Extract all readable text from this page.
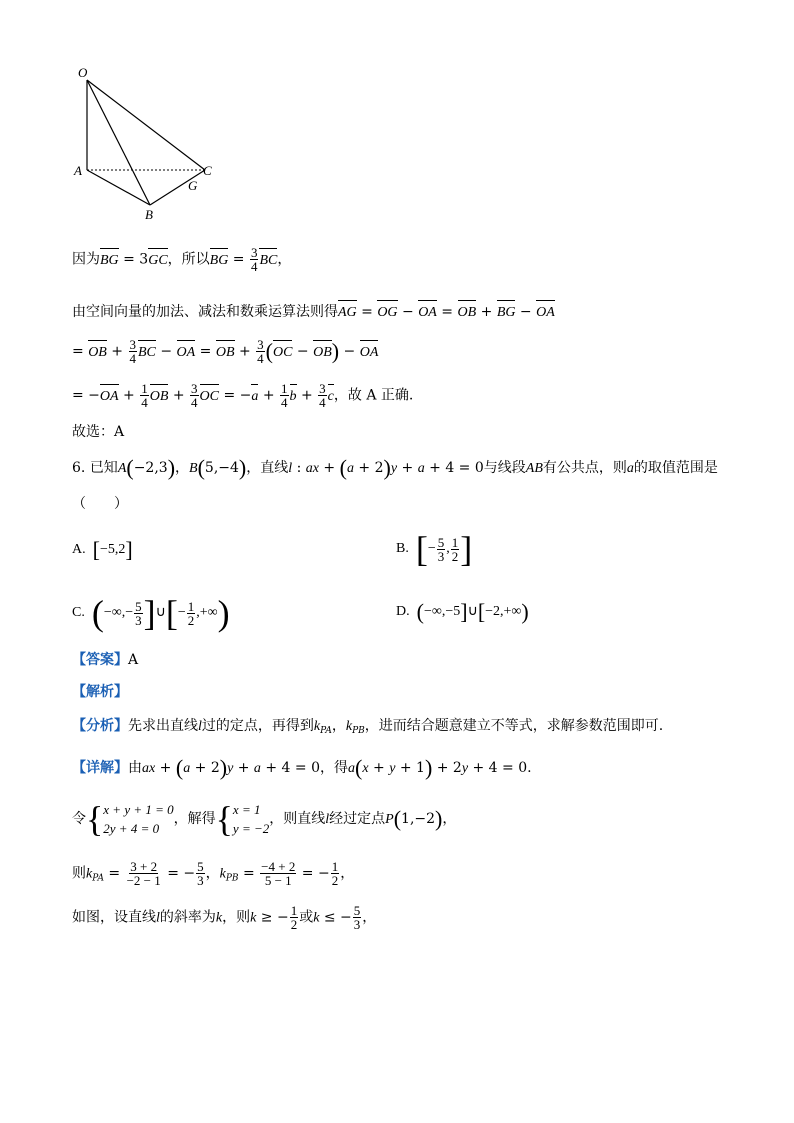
O
A
B
C
G
因为BG = 3GC，所以BG = $\frac{3}{4}$ BC，
由空间向量的加法、减法和数乘运算法则得AG = OG − OA = OB + BG − OA
= OB + $\frac{3}{4}$ BC − OA = OB + $\frac{3}{4} (OC - OB)$ − OA
= $-OA + \frac{1}{4}$ OB + $\frac{3}{4}$ OC = $-a + \frac{1}{4}$ $b + \frac{3}{4}$ c，故 A 正确.
故选：A
6. 已知A(−2,3)，B(5,−4)，直线l : ax + (a + 2)y + a + 4 = 0与线段AB有公共点，则a的取值范围是
（　　）
A. [−5,2]	B. [− $\frac{5}{3}$ , $\frac{1}{2}$ ]
C. (−∞,− $\frac{5}{3}$ ]∪[− $\frac{1}{2}$ ,+∞)	D. (−∞,−5]∪[−2,+∞)
【答案】A
【解析】
【分析】先求出直线l过的定点，再得到$k_{PA}$，$k_{PB}$，进而结合题意建立不等式，求解参数范围即可.
【详解】由ax + (a + 2)y + a + 4 = 0，得a(x + y + 1) + 2y + 4 = 0.
令{ x + y + 1 = 0
2y + 4 = 0
，解得{ x = 1
y = −2
，则直线l经过定点P(1,−2)，
则$k_{PA} = \frac{3 + 2}{-2 - 1}$ = − $\frac{5}{3}$ ，$k_{PB} = \frac{-4 + 2}{5 - 1}$ = − $\frac{1}{2}$ ，
如图，设直线l的斜率为k，则k ≥ − $\frac{1}{2}$ 或k ≤ − $\frac{5}{3}$ ，
